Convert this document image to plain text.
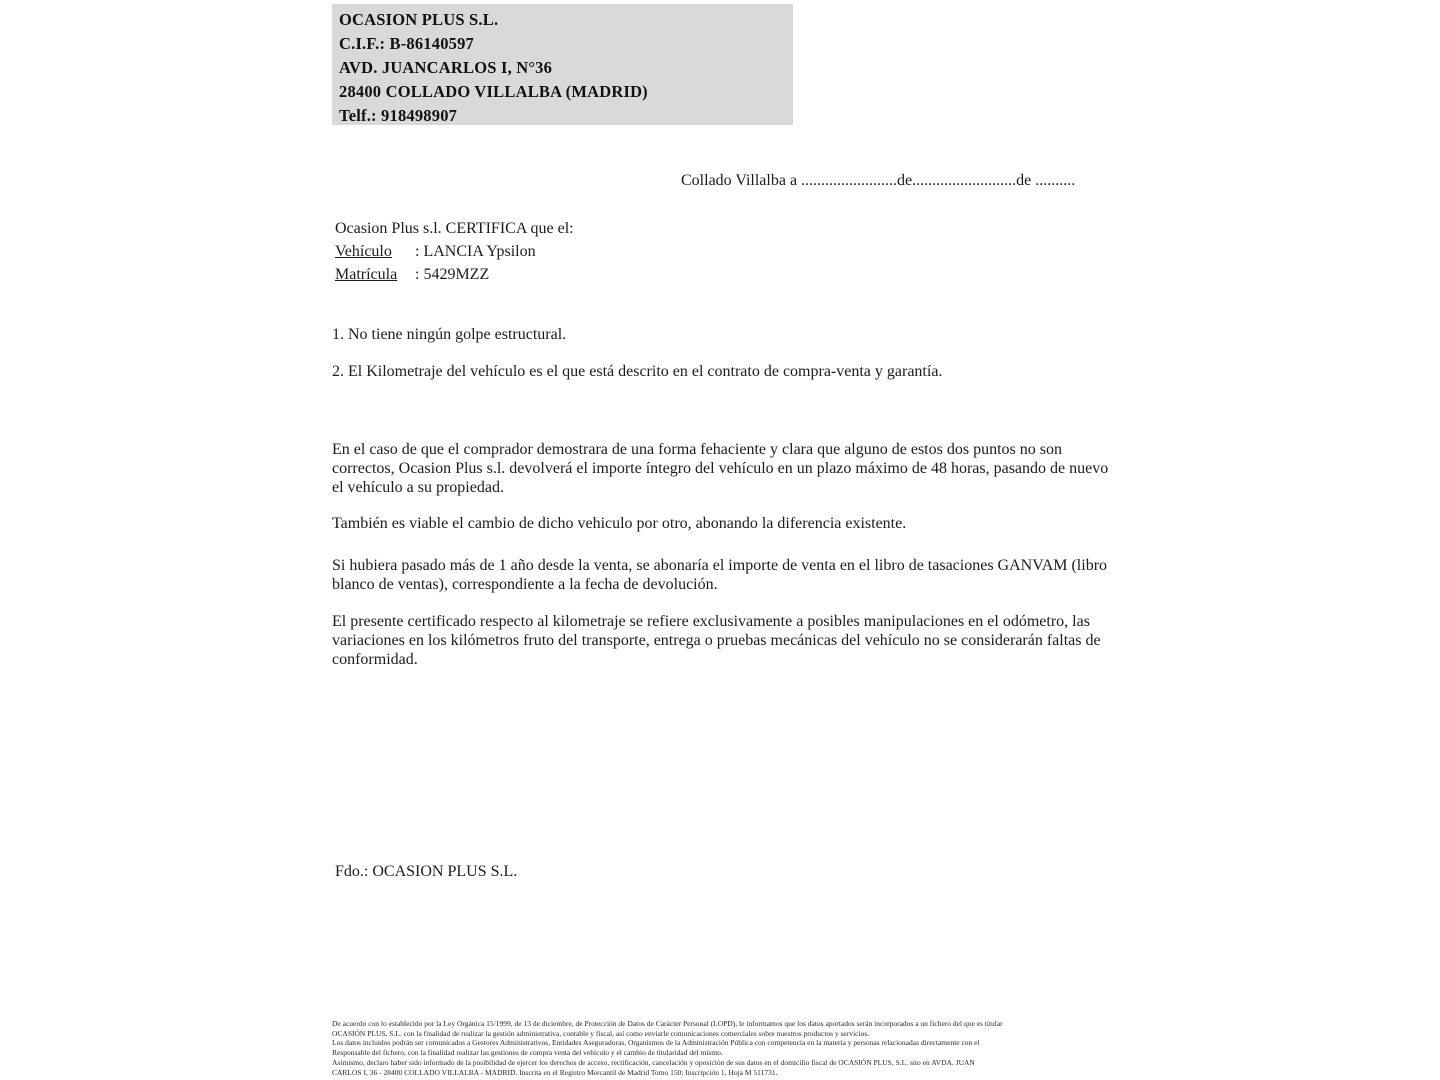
OCASION PLUS S.L.
C.I.F.: B-86140597
AVD. JUANCARLOS I, N°36
28400 COLLADO VILLALBA (MADRID)
Telf.: 918498907
Collado Villalba a ........................de..........................de ..........
Ocasion Plus s.l. CERTIFICA que el:
Vehículo	: LANCIA Ypsilon
Matrícula	: 5429MZZ
1. No tiene ningún golpe estructural.
2. El Kilometraje del vehículo es el que está descrito en el contrato de compra-venta y garantía.
En el caso de que el comprador demostrara de una forma fehaciente y clara que alguno de estos dos puntos no son correctos, Ocasion Plus s.l. devolverá el importe íntegro del vehículo en un plazo máximo de 48 horas, pasando de nuevo el vehículo a su propiedad.
También es viable el cambio de dicho vehiculo por otro, abonando la diferencia existente.
Si hubiera pasado más de 1 año desde la venta, se abonaría el importe de venta en el libro de tasaciones GANVAM (libro blanco de ventas), correspondiente a la fecha de devolución.
El presente certificado respecto al kilometraje se refiere exclusivamente a posibles manipulaciones en el odómetro, las variaciones en los kilómetros fruto del transporte, entrega o pruebas mecánicas del vehículo no se considerarán faltas de conformidad.
Fdo.: OCASION PLUS S.L.
De acuerdo con lo establecido por la Ley Orgánica 15/1999, de 13 de diciembre, de Protección de Datos de Carácter Personal (LOPD), le informamos que los datos aportados serán incorporados a un fichero del que es titular
OCASIÓN PLUS, S.L. con la finalidad de realizar la gestión administrativa, contable y fiscal, así como enviarle comunicaciones comerciales sobre nuestros productos y servicios.
Los datos incluidos podrán ser comunicados a Gestores Administrativos, Entidades Aseguradoras, Organismos de la Administración Pública con competencia en la materia y personas relacionadas directamente con el
Responsable del fichero, con la finalidad realizar las gestiones de compra venta del vehículo y el cambio de titularidad del mismo.
Asimismo, declaro haber sido informado de la posibilidad de ejercer los derechos de acceso, rectificación, cancelación y oposición de sus datos en el domicilio fiscal de OCASIÓN PLUS, S.L. sito en AVDA. JUAN
CARLOS I, 36 - 28400 COLLADO VILLALBA - MADRID. Inscrita en el Registro Mercantil de Madrid Tomo 150; Inscripción 1, Hoja M 511731.
